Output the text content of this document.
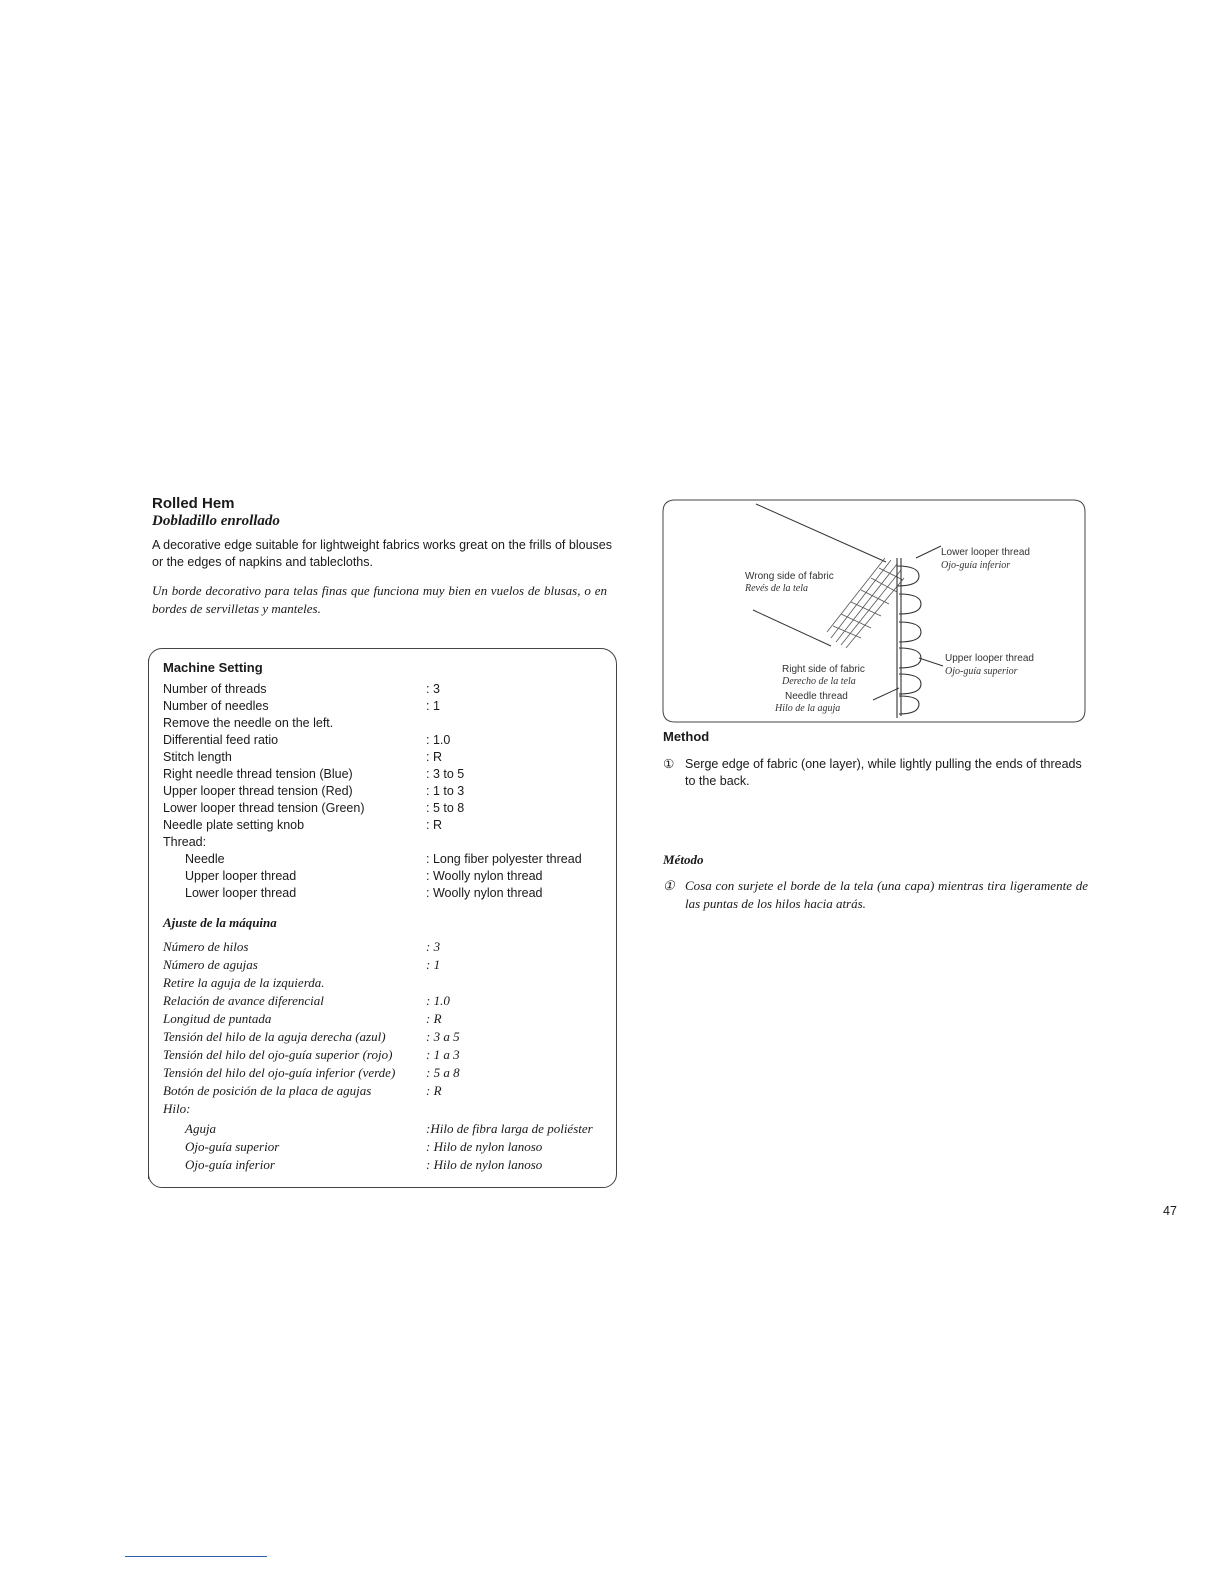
Rolled Hem
Dobladillo enrollado
A decorative edge suitable for lightweight fabrics works great on the frills of blouses or the edges of napkins and tablecloths.
Un borde decorativo para telas finas que funciona muy bien en vuelos de blusas, o en bordes de servilletas y manteles.
Machine Setting
Number of threads	: 3
Number of needles	: 1
Remove the needle on the left.
Differential feed ratio	: 1.0
Stitch length	: R
Right needle thread tension (Blue)	: 3 to 5
Upper looper thread tension (Red)	: 1 to 3
Lower looper thread tension (Green)	: 5 to 8
Needle plate setting knob	: R
Thread:
Needle	: Long fiber polyester thread
Upper looper thread	: Woolly nylon thread
Lower looper thread	: Woolly nylon thread
Ajuste de la máquina
Número de hilos	: 3
Número de agujas	: 1
Retire la aguja de la izquierda.
Relación de avance diferencial	: 1.0
Longitud de puntada	: R
Tensión del hilo de la aguja derecha (azul)	: 3 a 5
Tensión del hilo del ojo-guía superior (rojo)	: 1 a 3
Tensión del hilo del ojo-guía inferior (verde) : 5 a 8
Botón de posición de la placa de agujas	: R
Hilo:
Aguja	:Hilo de fibra larga de poliéster
Ojo-guía superior	: Hilo de nylon lanoso
Ojo-guía inferior	: Hilo de nylon lanoso
Wrong side of fabric
Revés de la tela
Lower looper thread
Ojo-guía inferior
Upper looper thread
Ojo-guía superior
Right side of fabric
Derecho de la tela
Needle thread
Hilo de la aguja
Method
① Serge edge of fabric (one layer), while lightly pulling the ends of threads to the back.
Método
① Cosa con surjete el borde de la tela (una capa) mientras tira ligeramente de las puntas de los hilos hacia atrás.
47
